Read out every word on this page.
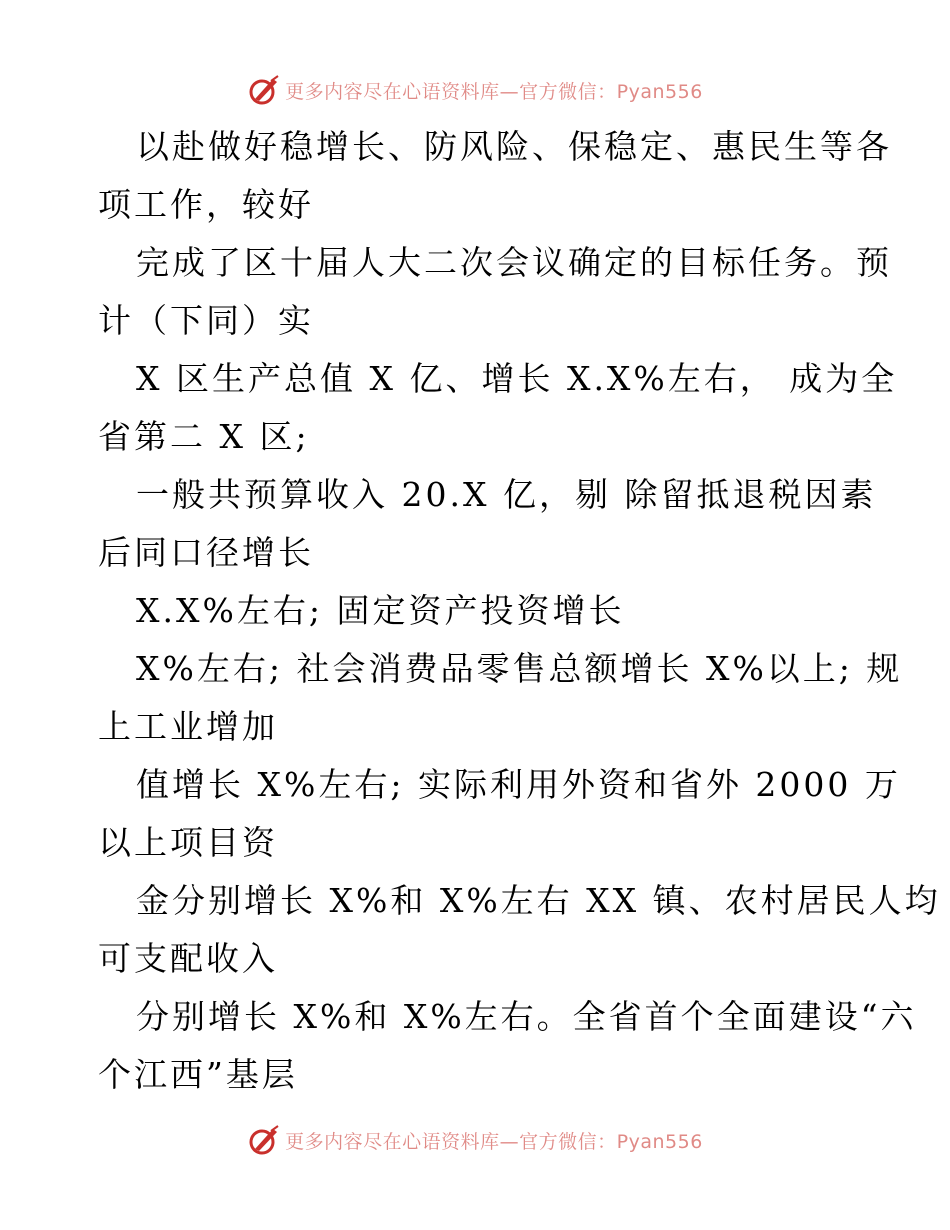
更多内容尽在心语资料库—官方微信：Pyan556
以赴做好稳增长、防风险、保稳定、惠民生等各
项工作，较好
完成了区十届人大二次会议确定的目标任务。预
计（下同）实
X 区生产总值 X 亿、增长 X.X%左右， 成为全
省第二 X 区;
一般共预算收入 20.X 亿，剔 除留抵退税因素
后同口径增长
X.X%左右; 固定资产投资增长
X%左右; 社会消费品零售总额增长 X%以上; 规
上工业增加
值增长 X%左右; 实际利用外资和省外 2000 万
以上项目资
金分别增长 X%和 X%左右 XX 镇、农村居民人均
可支配收入
分别增长 X%和 X%左右。全省首个全面建设“六
个江西”基层
更多内容尽在心语资料库—官方微信：Pyan556
